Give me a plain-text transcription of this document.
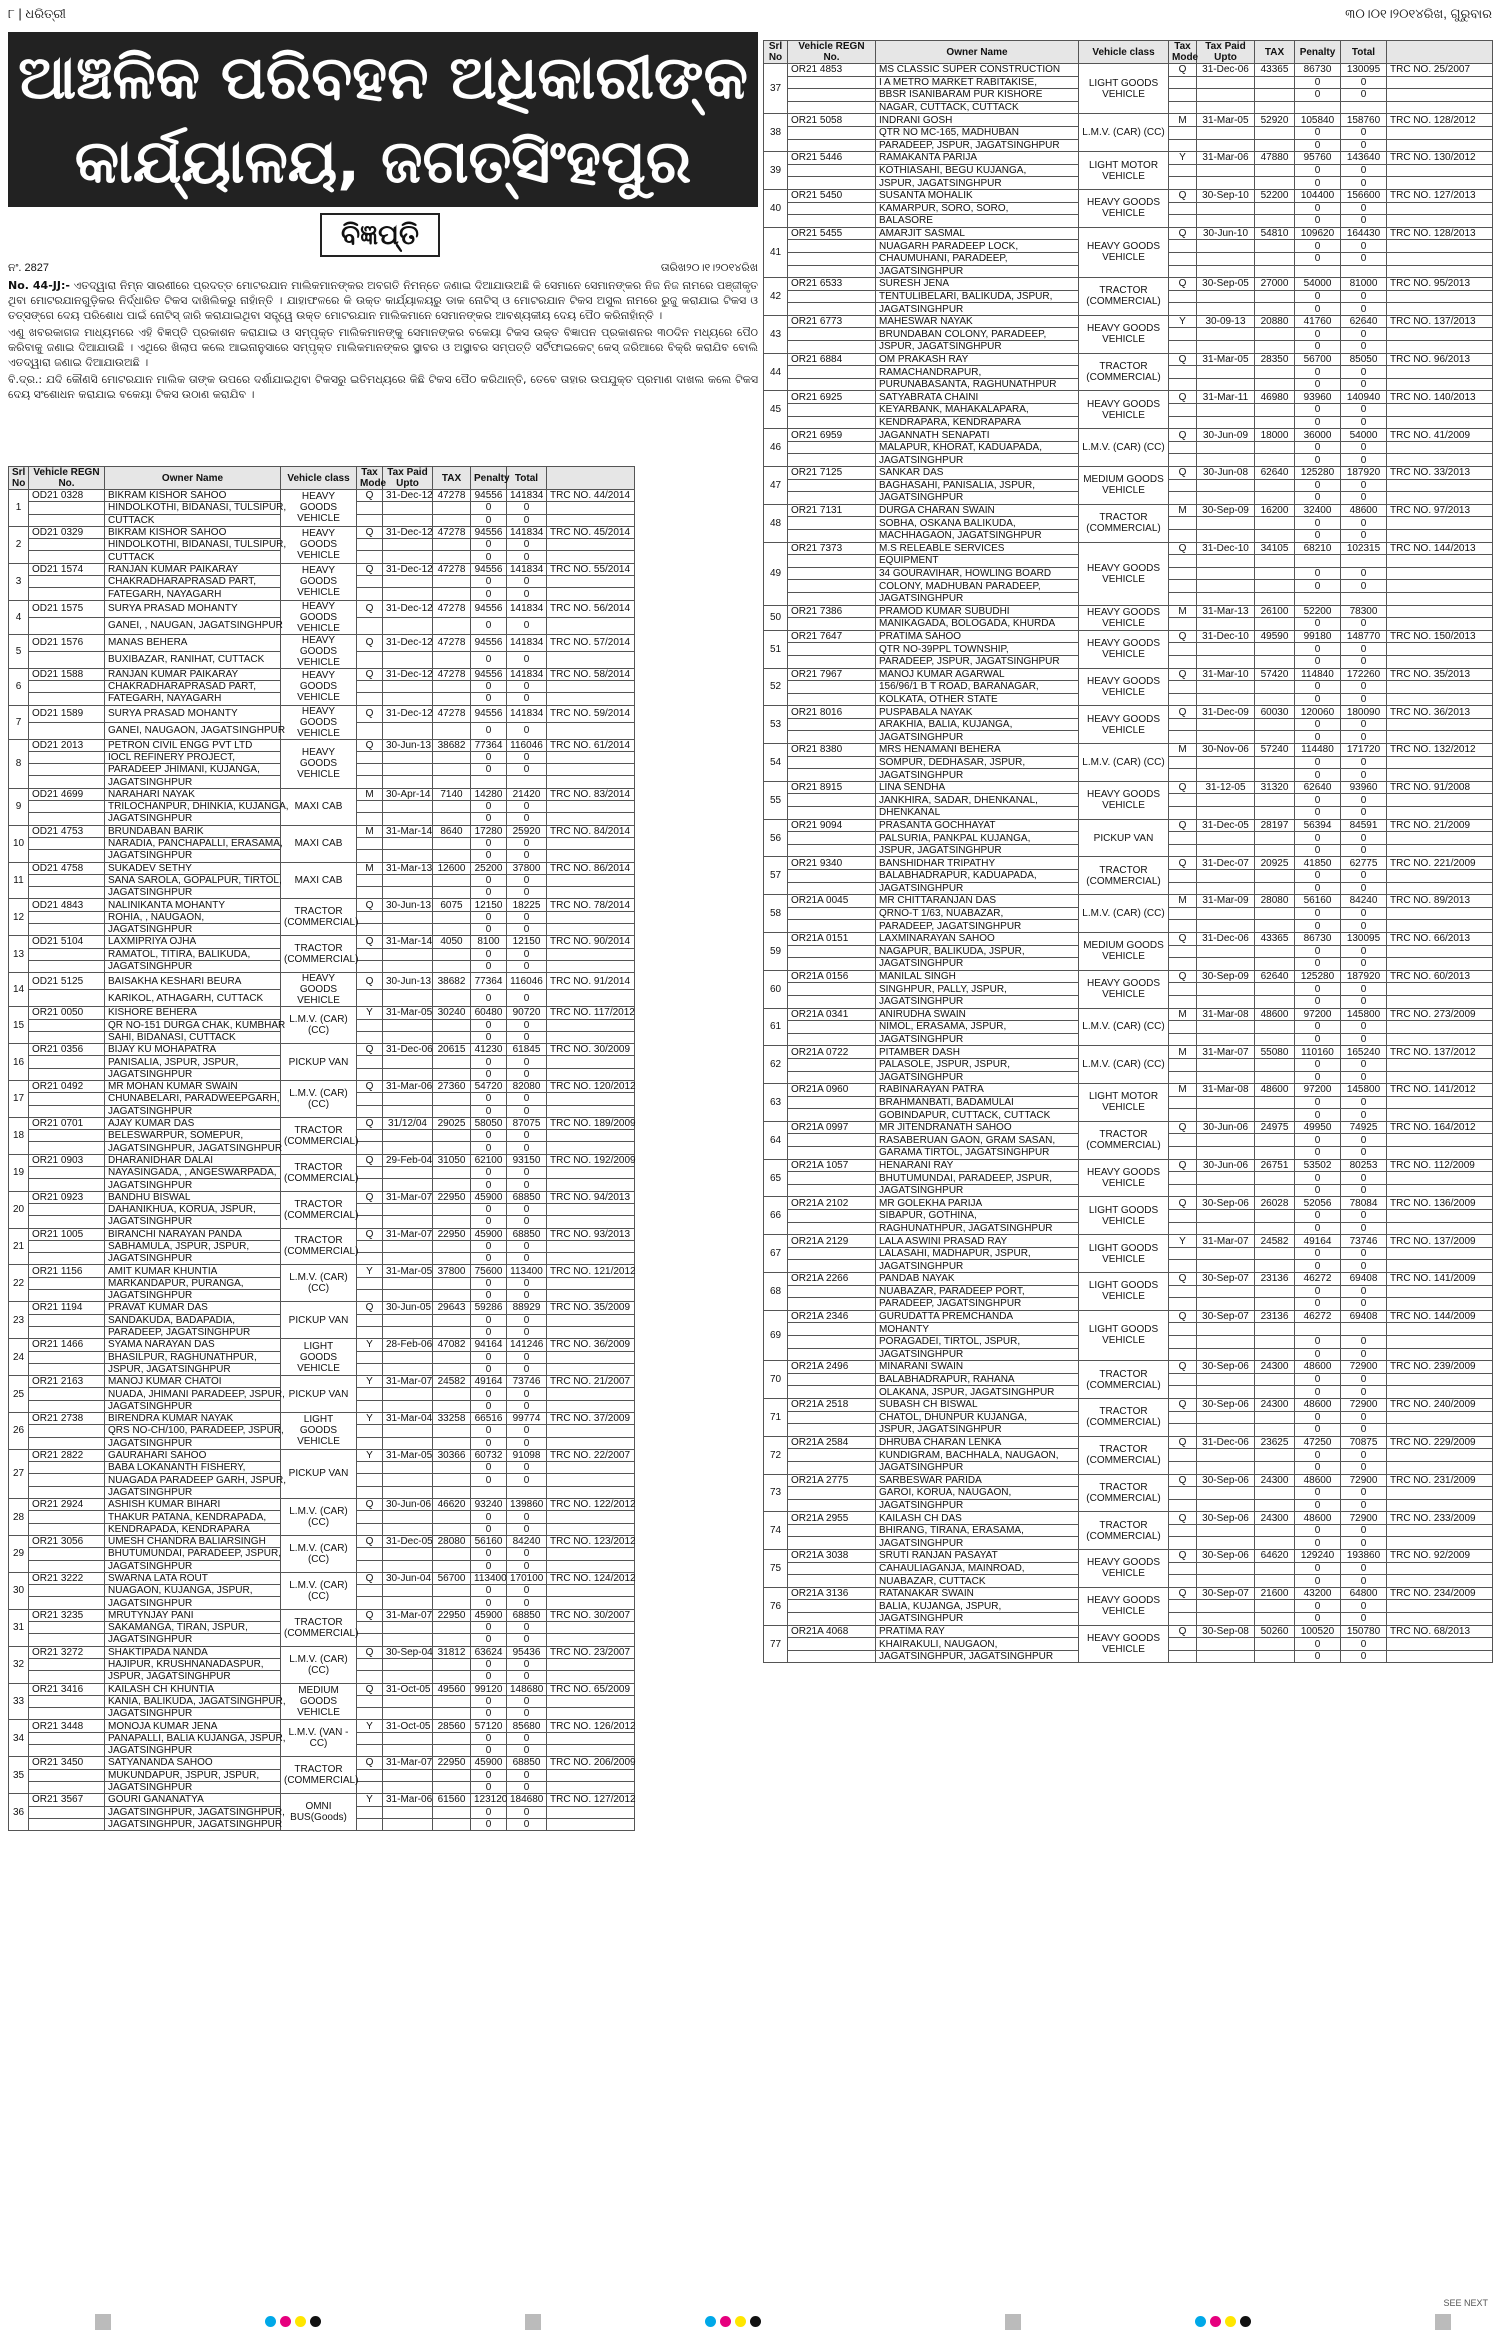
୮ | ଧରିତ୍ରୀ	୩୦।୦୧।୨୦୧୪ରିଖ, ଗୁରୁବାର
ଆଞ୍ଚଳିକ ପରିବହନ ଅଧିକାରୀଙ୍କ
କାର୍ଯ୍ୟାଳୟ, ଜଗତ୍‌ସିଂହପୁର
ବିଜ୍ଞପ୍ତି
ନଂ. 2827	ତାରିଖ୨୦।୧।୨୦୧୪ରିଖ

No. 44-JJ:- ଏତଦ୍ୱାରା ନିମ୍ନ ସାରଣୀରେ ପ୍ରଦତ୍ତ ମୋଟରଯାନ ମାଲିକମାନଙ୍କର ଅବଗତି ନିମନ୍ତେ ଜଣାଇ ଦିଆଯାଉଅଛି କି ସେମାନେ ସେମାନଙ୍କର ନିଜ ନିଜ ନାମରେ ପଞ୍ଜୀକୃତ ଥିବା ମୋଟରଯାନଗୁଡ଼ିକର ନିର୍ଦ୍ଧାରିତ ଟିକସ ଦାଖିଲିକରୁ ନାହାଁନ୍ତି । ଯାହାଫଳରେ କି ଉକ୍ତ କାର୍ଯ୍ୟାଳୟରୁ ଡାକ ନୋଟିସ୍ ଓ ମୋଟରଯାନ ଟିକସ ଅସୁଲ ନାମରେ ରୁଜୁ କରାଯାଇ ଟିକସ ଓ ତତ୍‌ସଙ୍ଗେ ଦେୟ ପରିଶୋଧ ପାଇଁ ନୋଟିସ୍ ଜାରି କରାଯାଇଥିବା ସତ୍ତ୍ୱେ ଉକ୍ତ ମୋଟରଯାନ ମାଲିକମାନେ ସେମାନଙ୍କର ଆବଶ୍ୟକୀୟ ଦେୟ ପୈଠ କରିନାହାଁନ୍ତି ।

ଏଣୁ ଖବରକାଗଜ ମାଧ୍ୟମରେ ଏହି ବିଜ୍ଞପ୍ତି ପ୍ରକାଶନ କରାଯାଇ ଓ ସମ୍ପୃକ୍ତ ମାଲିକମାନଙ୍କୁ ସେମାନଙ୍କର ବକେୟା ଟିକସ ଉକ୍ତ ବିଜ୍ଞାପନ ପ୍ରକାଶନର ୩୦ଦିନ ମଧ୍ୟରେ ପୈଠ କରିବାକୁ ଜଣାଇ ଦିଆଯାଉଛି । ଏଥିରେ ଖିଲାପ କଲେ ଆଇନାନୁସାରେ ସମ୍ପୃକ୍ତ ମାଲିକମାନଙ୍କର ସ୍ଥାବର ଓ ଅସ୍ଥାବର ସମ୍ପତ୍ତି ସର୍ଟିଫାଇକେଟ୍ କେସ୍ ଜରିଆରେ ବିକ୍ରି କରାଯିବ ବୋଲି ଏତଦ୍ୱାରା ଜଣାଇ ଦିଆଯାଉଅଛି ।

ବି.ଦ୍ର.: ଯଦି କୌଣସି ମୋଟରଯାନ ମାଲିକ ତାଙ୍କ ଉପରେ ଦର୍ଶାଯାଇଥିବା ଟିକସରୁ ଇତିମଧ୍ୟରେ କିଛି ଟିକସ ପୈଠ କରିଥାନ୍ତି, ତେବେ ତାହାର ଉପଯୁକ୍ତ ପ୍ରମାଣ ଦାଖଲ କଲେ ଟିକସ ଦେୟ ସଂଶୋଧନ କରାଯାଇ ବକେୟା ଟିକସ ଉଠାଣ କରାଯିବ ।

Srl No	Vehicle REGN No.	Owner Name	Vehicle class	Tax Mode	Tax Paid Upto	TAX	Penalty	Total	
1	OD21 0328	BIKRAM KISHOR SAHOO	HEAVY GOODS VEHICLE	Q	31-Dec-12	47278	94556	141834	TRC NO. 44/2014
		HINDOLKOTHI, BIDANASI, TULSIPUR,					0	0	
		CUTTACK					0	0	
2	OD21 0329	BIKRAM KISHOR SAHOO	HEAVY GOODS VEHICLE	Q	31-Dec-12	47278	94556	141834	TRC NO. 45/2014
		HINDOLKOTHI, BIDANASI, TULSIPUR,					0	0	
		CUTTACK					0	0	
3	OD21 1574	RANJAN KUMAR PAIKARAY	HEAVY GOODS VEHICLE	Q	31-Dec-12	47278	94556	141834	TRC NO. 55/2014
		CHAKRADHARAPRASAD PART,					0	0	
		FATEGARH, NAYAGARH					0	0	
4	OD21 1575	SURYA PRASAD MOHANTY	HEAVY GOODS VEHICLE	Q	31-Dec-12	47278	94556	141834	TRC NO. 56/2014
		GANEI, , NAUGAN, JAGATSINGHPUR					0	0	
5	OD21 1576	MANAS BEHERA	HEAVY GOODS VEHICLE	Q	31-Dec-12	47278	94556	141834	TRC NO. 57/2014
		BUXIBAZAR, RANIHAT, CUTTACK					0	0	
6	OD21 1588	RANJAN KUMAR PAIKARAY	HEAVY GOODS VEHICLE	Q	31-Dec-12	47278	94556	141834	TRC NO. 58/2014
		CHAKRADHARAPRASAD PART,					0	0	
		FATEGARH, NAYAGARH					0	0	
7	OD21 1589	SURYA PRASAD MOHANTY	HEAVY GOODS VEHICLE	Q	31-Dec-12	47278	94556	141834	TRC NO. 59/2014
		GANEI, NAUGAON, JAGATSINGHPUR					0	0	
8	OD21 2013	PETRON CIVIL ENGG PVT LTD	HEAVY GOODS VEHICLE	Q	30-Jun-13	38682	77364	116046	TRC NO. 61/2014
		IOCL REFINERY PROJECT,					0	0	
		PARADEEP JHIMANI, KUJANGA,					0	0	
		JAGATSINGHPUR							
9	OD21 4699	NARAHARI NAYAK	MAXI CAB	M	30-Apr-14	7140	14280	21420	TRC NO. 83/2014
		TRILOCHANPUR, DHINKIA, KUJANGA,					0	0	
		JAGATSINGHPUR					0	0	
10	OD21 4753	BRUNDABAN BARIK	MAXI CAB	M	31-Mar-14	8640	17280	25920	TRC NO. 84/2014
		NARADIA, PANCHAPALLI, ERASAMA,					0	0	
		JAGATSINGHPUR					0	0	
11	OD21 4758	SUKADEV SETHY	MAXI CAB	M	31-Mar-13	12600	25200	37800	TRC NO. 86/2014
		SANA SAROLA, GOPALPUR, TIRTOL,					0	0	
		JAGATSINGHPUR					0	0	
12	OD21 4843	NALINIKANTA MOHANTY	TRACTOR (COMMERCIAL)	Q	30-Jun-13	6075	12150	18225	TRC NO. 78/2014
		ROHIA, , NAUGAON,					0	0	
		JAGATSINGHPUR					0	0	
13	OD21 5104	LAXMIPRIYA OJHA	TRACTOR (COMMERCIAL)	Q	31-Mar-14	4050	8100	12150	TRC NO. 90/2014
		RAMATOL, TITIRA, BALIKUDA,					0	0	
		JAGATSINGHPUR					0	0	
14	OD21 5125	BAISAKHA KESHARI BEURA	HEAVY GOODS VEHICLE	Q	30-Jun-13	38682	77364	116046	TRC NO. 91/2014
		KARIKOL, ATHAGARH, CUTTACK					0	0	
15	OR21 0050	KISHORE BEHERA	L.M.V. (CAR) (CC)	Y	31-Mar-05	30240	60480	90720	TRC NO. 117/2012
		QR NO-151 DURGA CHAK, KUMBHAR					0	0	
		SAHI, BIDANASI, CUTTACK					0	0	
16	OR21 0356	BIJAY KU MOHAPATRA	PICKUP VAN	Q	31-Dec-06	20615	41230	61845	TRC NO. 30/2009
		PANISALIA, JSPUR, JSPUR,					0	0	
		JAGATSINGHPUR					0	0	
17	OR21 0492	MR MOHAN KUMAR SWAIN	L.M.V. (CAR) (CC)	Q	31-Mar-06	27360	54720	82080	TRC NO. 120/2012
		CHUNABELARI, PARADWEEPGARH,					0	0	
		JAGATSINGHPUR					0	0	
18	OR21 0701	AJAY KUMAR DAS	TRACTOR (COMMERCIAL)	Q	31/12/04	29025	58050	87075	TRC NO. 189/2009
		BELESWARPUR, SOMEPUR,					0	0	
		JAGATSINGHPUR, JAGATSINGHPUR					0	0	
19	OR21 0903	DHARANIDHAR DALAI	TRACTOR (COMMERCIAL)	Q	29-Feb-04	31050	62100	93150	TRC NO. 192/2009
		NAYASINGADA, , ANGESWARPADA,					0	0	
		JAGATSINGHPUR					0	0	
20	OR21 0923	BANDHU BISWAL	TRACTOR (COMMERCIAL)	Q	31-Mar-07	22950	45900	68850	TRC NO. 94/2013
		DAHANIKHUA, KORUA, JSPUR,					0	0	
		JAGATSINGHPUR					0	0	
21	OR21 1005	BIRANCHI NARAYAN PANDA	TRACTOR (COMMERCIAL)	Q	31-Mar-07	22950	45900	68850	TRC NO. 93/2013
		SABHAMULA, JSPUR, JSPUR,					0	0	
		JAGATSINGHPUR					0	0	
22	OR21 1156	AMIT KUMAR KHUNTIA	L.M.V. (CAR) (CC)	Y	31-Mar-05	37800	75600	113400	TRC NO. 121/2012
		MARKANDAPUR, PURANGA,					0	0	
		JAGATSINGHPUR					0	0	
23	OR21 1194	PRAVAT KUMAR DAS	PICKUP VAN	Q	30-Jun-05	29643	59286	88929	TRC NO. 35/2009
		SANDAKUDA, BADAPADIA,					0	0	
		PARADEEP, JAGATSINGHPUR					0	0	
24	OR21 1466	SYAMA NARAYAN DAS	LIGHT GOODS VEHICLE	Y	28-Feb-06	47082	94164	141246	TRC NO. 36/2009
		BHASILPUR, RAGHUNATHPUR,					0	0	
		JSPUR, JAGATSINGHPUR					0	0	
25	OR21 2163	MANOJ KUMAR CHATOI	PICKUP VAN	Y	31-Mar-07	24582	49164	73746	TRC NO. 21/2007
		NUADA, JHIMANI PARADEEP, JSPUR,					0	0	
		JAGATSINGHPUR					0	0	
26	OR21 2738	BIRENDRA KUMAR NAYAK	LIGHT GOODS VEHICLE	Y	31-Mar-04	33258	66516	99774	TRC NO. 37/2009
		QRS NO-CH/100, PARADEEP, JSPUR,					0	0	
		JAGATSINGHPUR					0	0	
27	OR21 2822	GAURAHARI SAHOO	PICKUP VAN	Y	31-Mar-05	30366	60732	91098	TRC NO. 22/2007
		BABA LOKANANTH FISHERY,					0	0	
		NUAGADA PARADEEP GARH, JSPUR,					0	0	
		JAGATSINGHPUR							
28	OR21 2924	ASHISH KUMAR BIHARI	L.M.V. (CAR) (CC)	Q	30-Jun-06	46620	93240	139860	TRC NO. 122/2012
		THAKUR PATANA, KENDRAPADA,					0	0	
		KENDRAPADA, KENDRAPARA					0	0	
29	OR21 3056	UMESH CHANDRA BALIARSINGH	L.M.V. (CAR) (CC)	Q	31-Dec-05	28080	56160	84240	TRC NO. 123/2012
		BHUTUMUNDAI, PARADEEP, JSPUR,					0	0	
		JAGATSINGHPUR					0	0	
30	OR21 3222	SWARNA LATA ROUT	L.M.V. (CAR) (CC)	Q	30-Jun-04	56700	113400	170100	TRC NO. 124/2012
		NUAGAON, KUJANGA, JSPUR,					0	0	
		JAGATSINGHPUR					0	0	
31	OR21 3235	MRUTYNJAY PANI	TRACTOR (COMMERCIAL)	Q	31-Mar-07	22950	45900	68850	TRC NO. 30/2007
		SAKAMANGA, TIRAN, JSPUR,					0	0	
		JAGATSINGHPUR					0	0	
32	OR21 3272	SHAKTIPADA NANDA	L.M.V. (CAR) (CC)	Q	30-Sep-04	31812	63624	95436	TRC NO. 23/2007
		HAJIPUR, KRUSHNANADASPUR,					0	0	
		JSPUR, JAGATSINGHPUR					0	0	
33	OR21 3416	KAILASH CH KHUNTIA	MEDIUM GOODS VEHICLE	Q	31-Oct-05	49560	99120	148680	TRC NO. 65/2009
		KANIA, BALIKUDA, JAGATSINGHPUR,					0	0	
		JAGATSINGHPUR					0	0	
34	OR21 3448	MONOJA KUMAR JENA	L.M.V. (VAN -CC)	Y	31-Oct-05	28560	57120	85680	TRC NO. 126/2012
		PANAPALLI, BALIA KUJANGA, JSPUR,					0	0	
		JAGATSINGHPUR					0	0	
35	OR21 3450	SATYANANDA SAHOO	TRACTOR (COMMERCIAL)	Q	31-Mar-07	22950	45900	68850	TRC NO. 206/2009
		MUKUNDAPUR, JSPUR, JSPUR,					0	0	
		JAGATSINGHPUR					0	0	
36	OR21 3567	GOURI GANANATYA	OMNI BUS(Goods)	Y	31-Mar-06	61560	123120	184680	TRC NO. 127/2012
		JAGATSINGHPUR, JAGATSINGHPUR,					0	0	
		JAGATSINGHPUR, JAGATSINGHPUR					0	0	
Srl No	Vehicle REGN No.	Owner Name	Vehicle class	Tax Mode	Tax Paid Upto	TAX	Penalty	Total	
37	OR21 4853	MS CLASSIC SUPER CONSTRUCTION	LIGHT GOODS VEHICLE	Q	31-Dec-06	43365	86730	130095	TRC NO. 25/2007
		I A METRO MARKET RABITAKISE,					0	0	
		BBSR ISANIBARAM PUR KISHORE					0	0	
		NAGAR, CUTTACK, CUTTACK							
38	OR21 5058	INDRANI GOSH	L.M.V. (CAR) (CC)	M	31-Mar-05	52920	105840	158760	TRC NO. 128/2012
		QTR NO MC-165, MADHUBAN					0	0	
		PARADEEP, JSPUR, JAGATSINGHPUR					0	0	
39	OR21 5446	RAMAKANTA PARIJA	LIGHT MOTOR VEHICLE	Y	31-Mar-06	47880	95760	143640	TRC NO. 130/2012
		KOTHIASAHI, BEGU KUJANGA,					0	0	
		JSPUR, JAGATSINGHPUR					0	0	
40	OR21 5450	SUSANTA MOHALIK	HEAVY GOODS VEHICLE	Q	30-Sep-10	52200	104400	156600	TRC NO. 127/2013
		KAMARPUR, SORO, SORO,					0	0	
		BALASORE					0	0	
41	OR21 5455	AMARJIT SASMAL	HEAVY GOODS VEHICLE	Q	30-Jun-10	54810	109620	164430	TRC NO. 128/2013
		NUAGARH PARADEEP LOCK,					0	0	
		CHAUMUHANI, PARADEEP,					0	0	
		JAGATSINGHPUR							
42	OR21 6533	SURESH JENA	TRACTOR (COMMERCIAL)	Q	30-Sep-05	27000	54000	81000	TRC NO. 95/2013
		TENTULIBELARI, BALIKUDA, JSPUR,					0	0	
		JAGATSINGHPUR					0	0	
43	OR21 6773	MAHESWAR NAYAK	HEAVY GOODS VEHICLE	Y	30-09-13	20880	41760	62640	TRC NO. 137/2013
		BRUNDABAN COLONY, PARADEEP,					0	0	
		JSPUR, JAGATSINGHPUR					0	0	
44	OR21 6884	OM PRAKASH RAY	TRACTOR (COMMERCIAL)	Q	31-Mar-05	28350	56700	85050	TRC NO. 96/2013
		RAMACHANDRAPUR,					0	0	
		PURUNABASANTA, RAGHUNATHPUR					0	0	
45	OR21 6925	SATYABRATA CHAINI	HEAVY GOODS VEHICLE	Q	31-Mar-11	46980	93960	140940	TRC NO. 140/2013
		KEYARBANK, MAHAKALAPARA,					0	0	
		KENDRAPARA, KENDRAPARA					0	0	
46	OR21 6959	JAGANNATH SENAPATI	L.M.V. (CAR) (CC)	Q	30-Jun-09	18000	36000	54000	TRC NO. 41/2009
		MALAPUR, KHORAT, KADUAPADA,					0	0	
		JAGATSINGHPUR					0	0	
47	OR21 7125	SANKAR DAS	MEDIUM GOODS VEHICLE	Q	30-Jun-08	62640	125280	187920	TRC NO. 33/2013
		BAGHASAHI, PANISALIA, JSPUR,					0	0	
		JAGATSINGHPUR					0	0	
48	OR21 7131	DURGA CHARAN SWAIN	TRACTOR (COMMERCIAL)	M	30-Sep-09	16200	32400	48600	TRC NO. 97/2013
		SOBHA, OSKANA BALIKUDA,					0	0	
		MACHHAGAON, JAGATSINGHPUR					0	0	
49	OR21 7373	M.S RELEABLE SERVICES	HEAVY GOODS VEHICLE	Q	31-Dec-10	34105	68210	102315	TRC NO. 144/2013
		EQUIPMENT							
		34 GOURAVIHAR, HOWLING BOARD					0	0	
		COLONY, MADHUBAN PARADEEP,					0	0	
		JAGATSINGHPUR							
50	OR21 7386	PRAMOD KUMAR SUBUDHI	HEAVY GOODS VEHICLE	M	31-Mar-13	26100	52200	78300	
		MANIKAGADA, BOLOGADA, KHURDA					0	0	
51	OR21 7647	PRATIMA SAHOO	HEAVY GOODS VEHICLE	Q	31-Dec-10	49590	99180	148770	TRC NO. 150/2013
		QTR NO-39PPL TOWNSHIP,					0	0	
		PARADEEP, JSPUR, JAGATSINGHPUR					0	0	
52	OR21 7967	MANOJ KUMAR AGARWAL	HEAVY GOODS VEHICLE	Q	31-Mar-10	57420	114840	172260	TRC NO. 35/2013
		156/96/1 B T ROAD, BARANAGAR,					0	0	
		KOLKATA, OTHER STATE					0	0	
53	OR21 8016	PUSPABALA NAYAK	HEAVY GOODS VEHICLE	Q	31-Dec-09	60030	120060	180090	TRC NO. 36/2013
		ARAKHIA, BALIA, KUJANGA,					0	0	
		JAGATSINGHPUR					0	0	
54	OR21 8380	MRS HENAMANI BEHERA	L.M.V. (CAR) (CC)	M	30-Nov-06	57240	114480	171720	TRC NO. 132/2012
		SOMPUR, DEDHASAR, JSPUR,					0	0	
		JAGATSINGHPUR					0	0	
55	OR21 8915	LINA SENDHA	HEAVY GOODS VEHICLE	Q	31-12-05	31320	62640	93960	TRC NO. 91/2008
		JANKHIRA, SADAR, DHENKANAL,					0	0	
		DHENKANAL					0	0	
56	OR21 9094	PRASANTA GOCHHAYAT	PICKUP VAN	Q	31-Dec-05	28197	56394	84591	TRC NO. 21/2009
		PALSURIA, PANKPAL KUJANGA,					0	0	
		JSPUR, JAGATSINGHPUR					0	0	
57	OR21 9340	BANSHIDHAR TRIPATHY	TRACTOR (COMMERCIAL)	Q	31-Dec-07	20925	41850	62775	TRC NO. 221/2009
		BALABHADRAPUR, KADUAPADA,					0	0	
		JAGATSINGHPUR					0	0	
58	OR21A 0045	MR CHITTARANJAN DAS	L.M.V. (CAR) (CC)	M	31-Mar-09	28080	56160	84240	TRC NO. 89/2013
		QRNO-T 1/63, NUABAZAR,					0	0	
		PARADEEP, JAGATSINGHPUR					0	0	
59	OR21A 0151	LAXMINARAYAN SAHOO	MEDIUM GOODS VEHICLE	Q	31-Dec-06	43365	86730	130095	TRC NO. 66/2013
		NAGAPUR, BALIKUDA, JSPUR,					0	0	
		JAGATSINGHPUR					0	0	
60	OR21A 0156	MANILAL SINGH	HEAVY GOODS VEHICLE	Q	30-Sep-09	62640	125280	187920	TRC NO. 60/2013
		SINGHPUR, PALLY, JSPUR,					0	0	
		JAGATSINGHPUR					0	0	
61	OR21A 0341	ANIRUDHA SWAIN	L.M.V. (CAR) (CC)	M	31-Mar-08	48600	97200	145800	TRC NO. 273/2009
		NIMOL, ERASAMA, JSPUR,					0	0	
		JAGATSINGHPUR					0	0	
62	OR21A 0722	PITAMBER DASH	L.M.V. (CAR) (CC)	M	31-Mar-07	55080	110160	165240	TRC NO. 137/2012
		PALASOLE, JSPUR, JSPUR,					0	0	
		JAGATSINGHPUR					0	0	
63	OR21A 0960	RABINARAYAN PATRA	LIGHT MOTOR VEHICLE	M	31-Mar-08	48600	97200	145800	TRC NO. 141/2012
		BRAHMANBATI, BADAMULAI					0	0	
		GOBINDAPUR, CUTTACK, CUTTACK					0	0	
64	OR21A 0997	MR JITENDRANATH SAHOO	TRACTOR (COMMERCIAL)	Q	30-Jun-06	24975	49950	74925	TRC NO. 164/2012
		RASABERUAN GAON, GRAM SASAN,					0	0	
		GARAMA TIRTOL, JAGATSINGHPUR					0	0	
65	OR21A 1057	HENARANI RAY	HEAVY GOODS VEHICLE	Q	30-Jun-06	26751	53502	80253	TRC NO. 112/2009
		BHUTUMUNDAI, PARADEEP, JSPUR,					0	0	
		JAGATSINGHPUR					0	0	
66	OR21A 2102	MR GOLEKHA PARIJA	LIGHT GOODS VEHICLE	Q	30-Sep-06	26028	52056	78084	TRC NO. 136/2009
		SIBAPUR, GOTHINA,					0	0	
		RAGHUNATHPUR, JAGATSINGHPUR					0	0	
67	OR21A 2129	LALA ASWINI PRASAD RAY	LIGHT GOODS VEHICLE	Y	31-Mar-07	24582	49164	73746	TRC NO. 137/2009
		LALASAHI, MADHAPUR, JSPUR,					0	0	
		JAGATSINGHPUR					0	0	
68	OR21A 2266	PANDAB NAYAK	LIGHT GOODS VEHICLE	Q	30-Sep-07	23136	46272	69408	TRC NO. 141/2009
		NUABAZAR, PARADEEP PORT,					0	0	
		PARADEEP, JAGATSINGHPUR					0	0	
69	OR21A 2346	GURUDATTA PREMCHANDA	LIGHT GOODS VEHICLE	Q	30-Sep-07	23136	46272	69408	TRC NO. 144/2009
		MOHANTY							
		PORAGADEI, TIRTOL, JSPUR,					0	0	
		JAGATSINGHPUR					0	0	
70	OR21A 2496	MINARANI SWAIN	TRACTOR (COMMERCIAL)	Q	30-Sep-06	24300	48600	72900	TRC NO. 239/2009
		BALABHADRAPUR, RAHANA					0	0	
		OLAKANA, JSPUR, JAGATSINGHPUR					0	0	
71	OR21A 2518	SUBASH CH BISWAL	TRACTOR (COMMERCIAL)	Q	30-Sep-06	24300	48600	72900	TRC NO. 240/2009
		CHATOL, DHUNPUR KUJANGA,					0	0	
		JSPUR, JAGATSINGHPUR					0	0	
72	OR21A 2584	DHRUBA CHARAN LENKA	TRACTOR (COMMERCIAL)	Q	31-Dec-06	23625	47250	70875	TRC NO. 229/2009
		KUNDIGRAM, BACHHALA, NAUGAON,					0	0	
		JAGATSINGHPUR					0	0	
73	OR21A 2775	SARBESWAR PARIDA	TRACTOR (COMMERCIAL)	Q	30-Sep-06	24300	48600	72900	TRC NO. 231/2009
		GAROI, KORUA, NAUGAON,					0	0	
		JAGATSINGHPUR					0	0	
74	OR21A 2955	KAILASH CH DAS	TRACTOR (COMMERCIAL)	Q	30-Sep-06	24300	48600	72900	TRC NO. 233/2009
		BHIRANG, TIRANA, ERASAMA,					0	0	
		JAGATSINGHPUR					0	0	
75	OR21A 3038	SRUTI RANJAN PASAYAT	HEAVY GOODS VEHICLE	Q	30-Sep-06	64620	129240	193860	TRC NO. 92/2009
		CAHAULIAGANJA, MAINROAD,					0	0	
		NUABAZAR, CUTTACK					0	0	
76	OR21A 3136	RATANAKAR SWAIN	HEAVY GOODS VEHICLE	Q	30-Sep-07	21600	43200	64800	TRC NO. 234/2009
		BALIA, KUJANGA, JSPUR,					0	0	
		JAGATSINGHPUR					0	0	
77	OR21A 4068	PRATIMA RAY	HEAVY GOODS VEHICLE	Q	30-Sep-08	50260	100520	150780	TRC NO. 68/2013
		KHAIRAKULI, NAUGAON,					0	0	
		JAGATSINGHPUR, JAGATSINGHPUR					0	0	
SEE NEXT
